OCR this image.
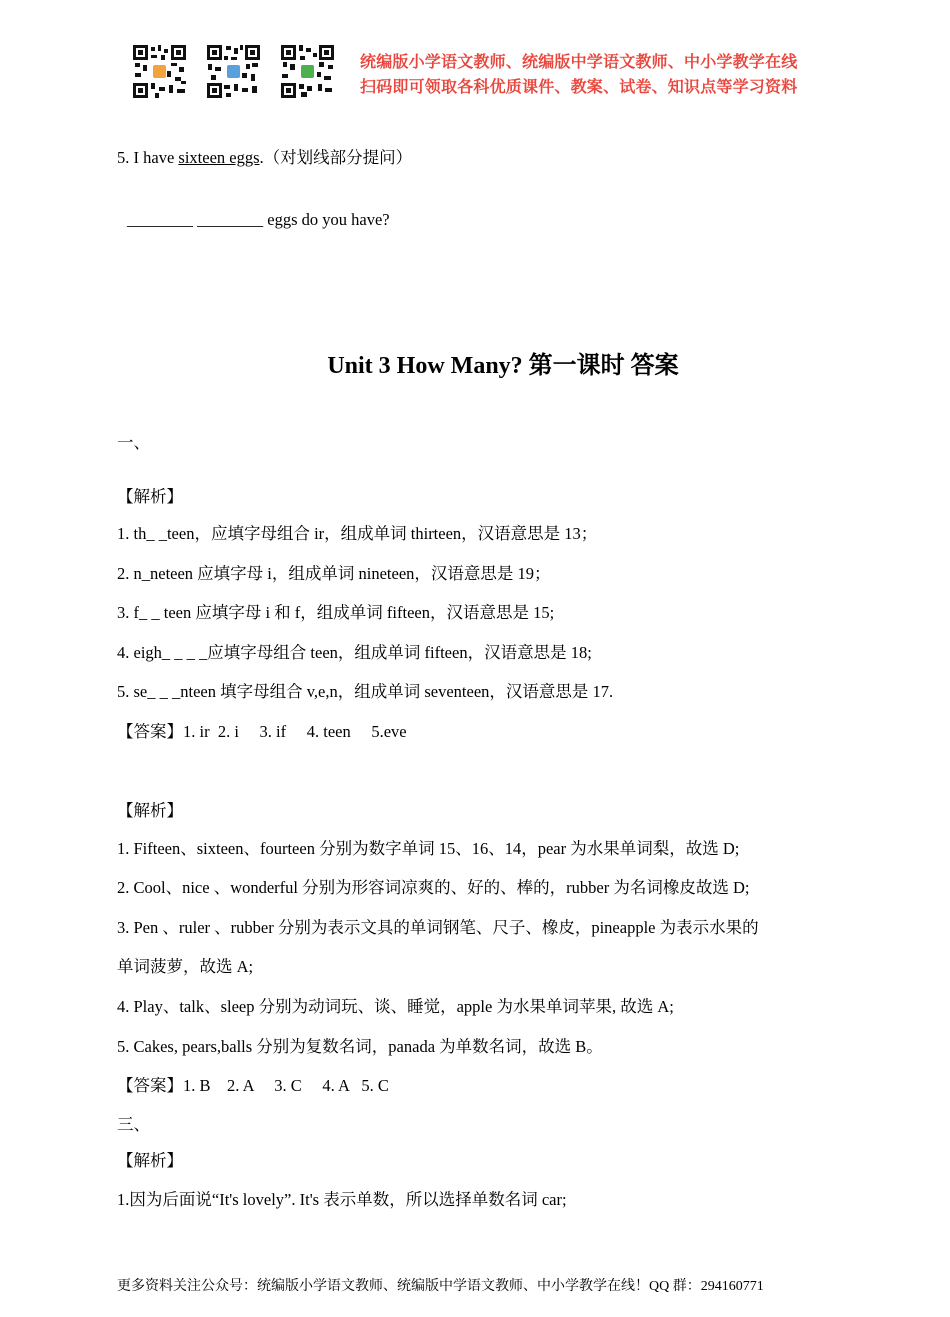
统编版小学语文教师、统编版中学语文教师、中小学教学在线
扫码即可领取各科优质课件、教案、试卷、知识点等学习资料
5. I have sixteen eggs.（对划线部分提问）
________ ________ eggs do you have?
Unit 3 How Many? 第一课时 答案
一、
【解析】
1. th_ _teen，应填字母组合 ir，组成单词 thirteen，汉语意思是 13；
2. n_neteen 应填字母 i，组成单词 nineteen，汉语意思是 19；
3. f_ _ teen 应填字母 i 和 f，组成单词 fifteen，汉语意思是 15;
4. eigh_ _ _ _应填字母组合 teen，组成单词 fifteen，汉语意思是 18;
5. se_ _ _nteen 填字母组合 v,e,n，组成单词 seventeen，汉语意思是 17.
【答案】1. ir  2. i     3. if     4. teen     5.eve
【解析】
1. Fifteen、sixteen、fourteen 分别为数字单词 15、16、14，pear 为水果单词梨，故选 D;
2. Cool、nice 、wonderful 分别为形容词凉爽的、好的、棒的，rubber 为名词橡皮故选 D;
3. Pen 、ruler 、rubber 分别为表示文具的单词钢笔、尺子、橡皮，pineapple 为表示水果的
单词菠萝，故选 A;
4. Play、talk、sleep 分别为动词玩、谈、睡觉，apple 为水果单词苹果, 故选 A;
5. Cakes, pears,balls 分别为复数名词，panada 为单数名词，故选 B。
【答案】1. B    2. A     3. C     4. A   5. C
三、
【解析】
1.因为后面说“It's lovely”. It's 表示单数，所以选择单数名词 car;
更多资料关注公众号：统编版小学语文教师、统编版中学语文教师、中小学教学在线！QQ 群：294160771
